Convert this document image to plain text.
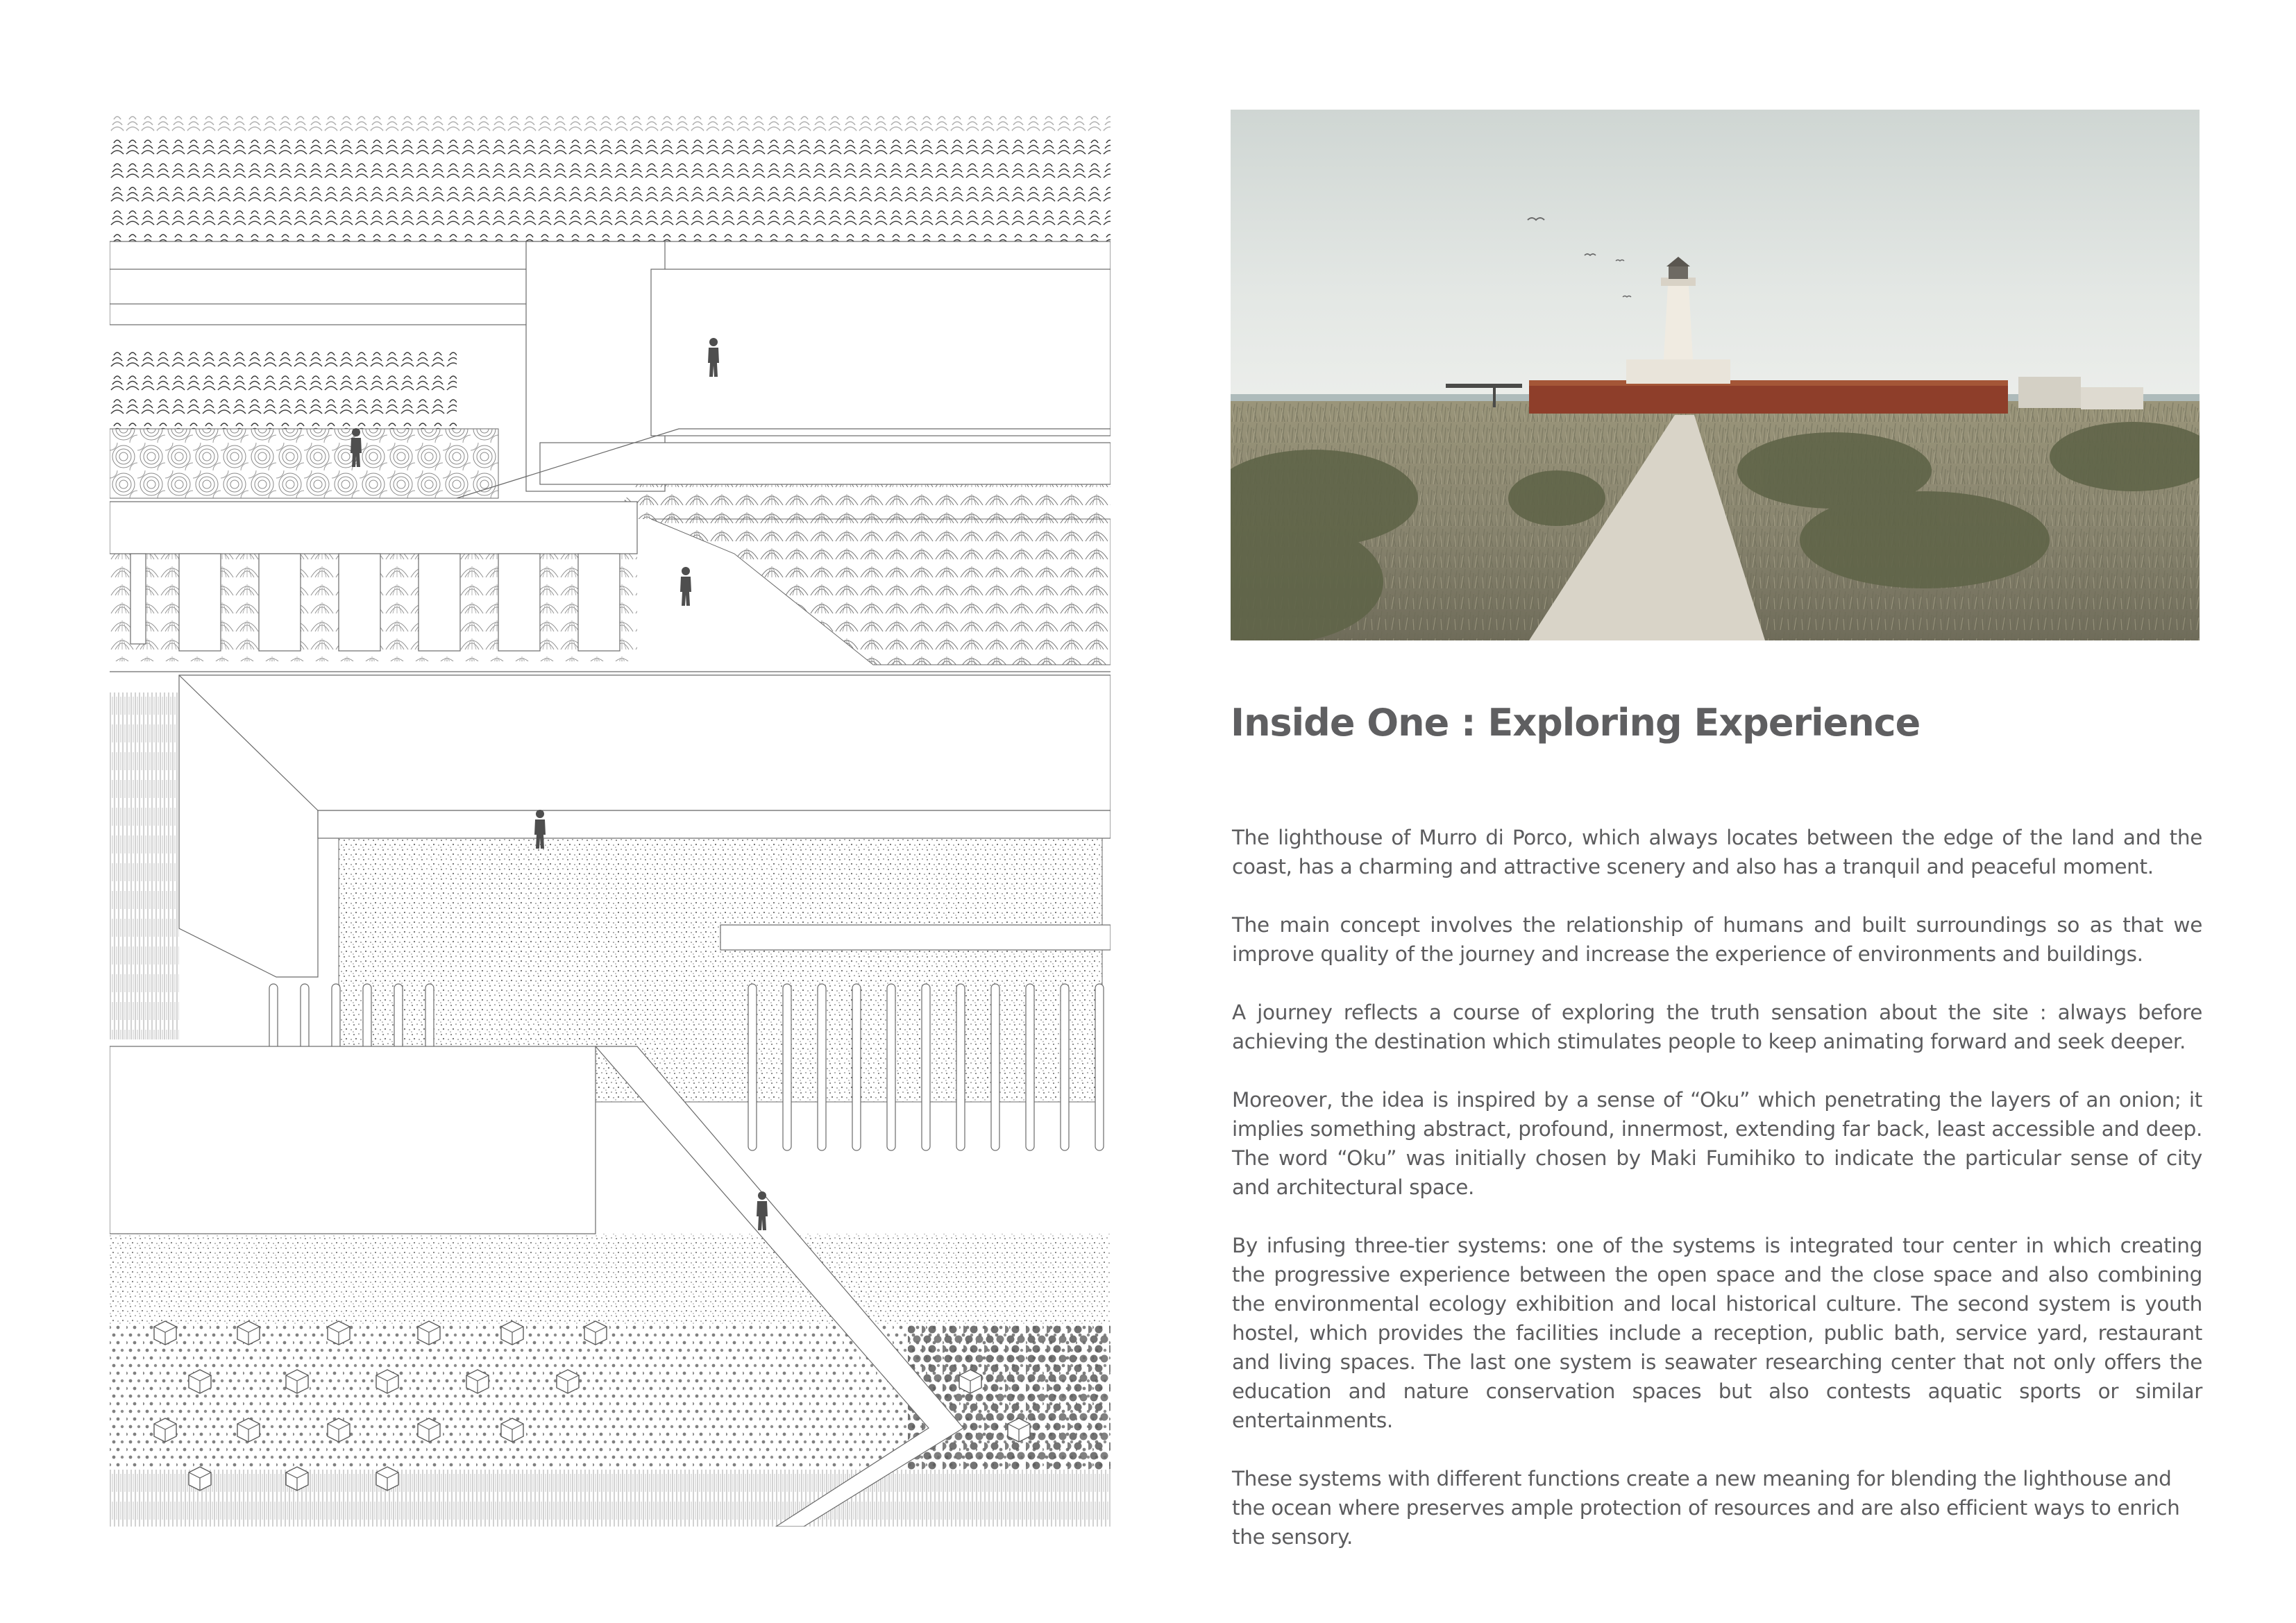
Inside One : Exploring Experience

The lighthouse of Murro di Porco, which always locates between the edge of the land and the coast, has a charming and attractive scenery and also has a tranquil and peaceful moment.

The main concept involves the relationship of humans and built surroundings so as that we improve quality of the journey and increase the experience of environments and buildings.

A journey reflects a course of exploring the truth sensation about the site : always before achieving the destination which stimulates people to keep animating forward and seek deeper.

Moreover, the idea is inspired by a sense of “Oku” which penetrating the layers of an onion; it implies something abstract, profound, innermost, extending far back, least accessible and deep. The word “Oku” was initially chosen by Maki Fumihiko to indicate the particular sense of city and architectural space.

By infusing three-tier systems: one of the systems is integrated tour center in which creating the progressive experience between the open space and the close space and also combining the environmental ecology exhibition and local historical culture. The second system is youth hostel, which provides the facilities include a reception, public bath, service yard, restaurant and living spaces. The last one system is seawater researching center that not only offers the education and nature conservation spaces but also contests aquatic sports or similar entertainments.

These systems with different functions create a new meaning for blending the lighthouse and the ocean where preserves ample protection of resources and are also efficient ways to enrich the sensory.
